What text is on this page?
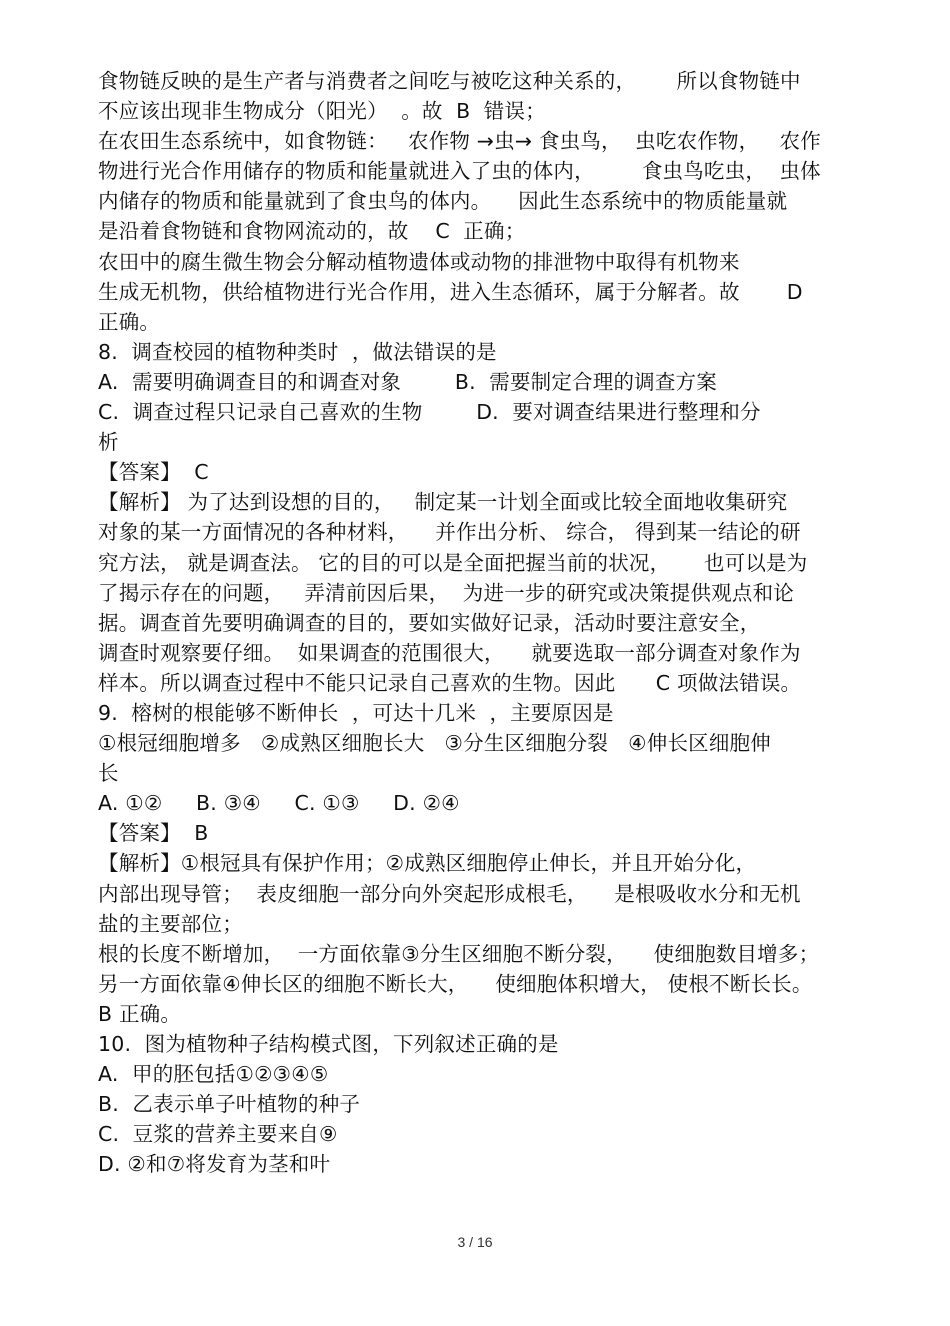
食物链反映的是生产者与消费者之间吃与被吃这种关系的，      所以食物链中
不应该出现非生物成分（阳光）  。故  B  错误；
在农田生态系统中，如食物链：   农作物 →虫→ 食虫鸟，  虫吃农作物，   农作
物进行光合作用储存的物质和能量就进入了虫的体内，       食虫鸟吃虫，  虫体
内储存的物质和能量就到了食虫鸟的体内。    因此生态系统中的物质能量就
是沿着食物链和食物网流动的，故    C  正确；
农田中的腐生微生物会分解动植物遗体或动物的排泄物中取得有机物来
生成无机物，供给植物进行光合作用，进入生态循环，属于分解者。故       D
正确。
8.  调查校园的植物种类时  ，做法错误的是
A.  需要明确调查目的和调查对象        B.  需要制定合理的调查方案
C.  调查过程只记录自己喜欢的生物        D.  要对调查结果进行整理和分
析
【答案】  C
【解析】 为了达到设想的目的，   制定某一计划全面或比较全面地收集研究
对象的某一方面情况的各种材料，    并作出分析、 综合， 得到某一结论的研
究方法， 就是调查法。 它的目的可以是全面把握当前的状况，     也可以是为
了揭示存在的问题，   弄清前因后果，  为进一步的研究或决策提供观点和论
据。调查首先要明确调查的目的，要如实做好记录，活动时要注意安全，
调查时观察要仔细。  如果调查的范围很大，    就要选取一部分调查对象作为
样本。所以调查过程中不能只记录自己喜欢的生物。因此      C 项做法错误。
9.  榕树的根能够不断伸长  ，可达十几米  ，主要原因是
①根冠细胞增多   ②成熟区细胞长大   ③分生区细胞分裂   ④伸长区细胞伸
长
A. ①②     B. ③④     C. ①③     D. ②④
【答案】  B
【解析】①根冠具有保护作用；②成熟区细胞停止伸长，并且开始分化，
内部出现导管；  表皮细胞一部分向外突起形成根毛，    是根吸收水分和无机
盐的主要部位；
根的长度不断增加，  一方面依靠③分生区细胞不断分裂，    使细胞数目增多；
另一方面依靠④伸长区的细胞不断长大，    使细胞体积增大， 使根不断长长。
B 正确。
10.  图为植物种子结构模式图，下列叙述正确的是
A.  甲的胚包括①②③④⑤
B.  乙表示单子叶植物的种子
C.  豆浆的营养主要来自⑨
D. ②和⑦将发育为茎和叶
3 / 16
